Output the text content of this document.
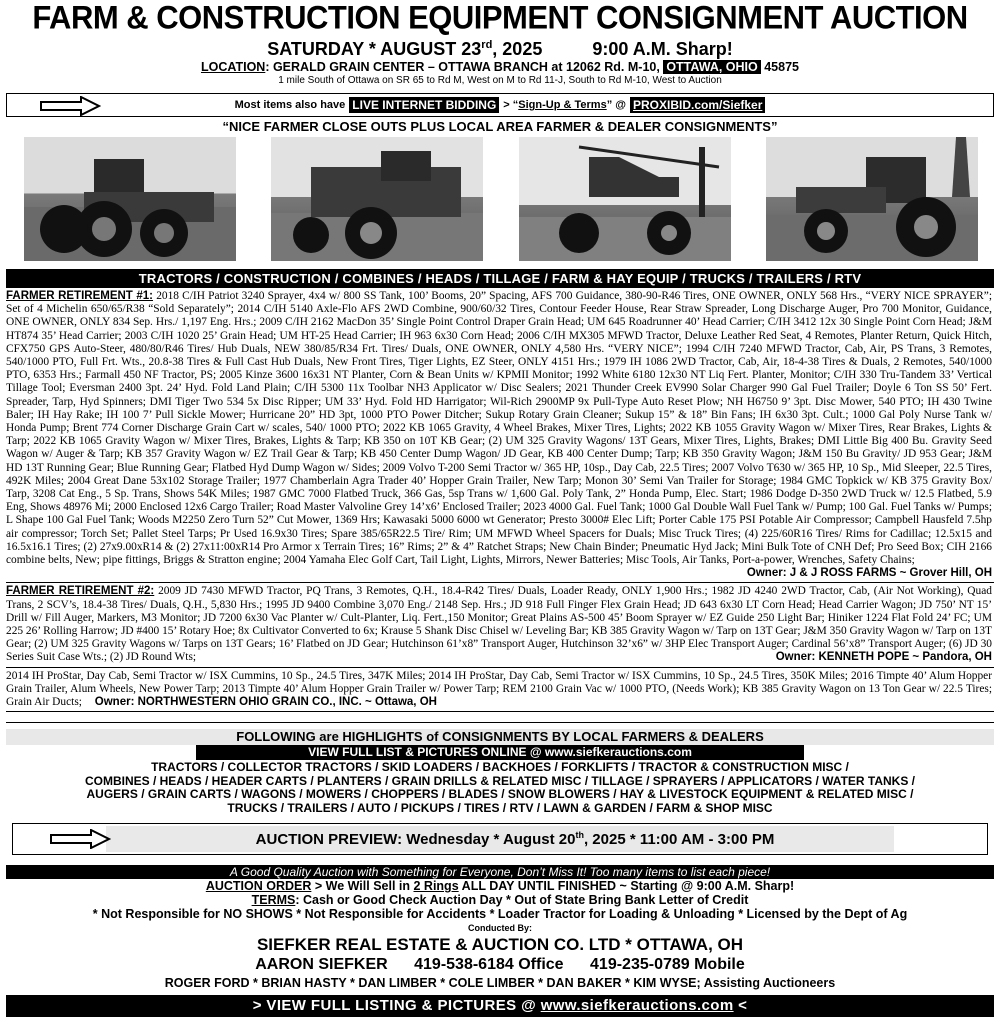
FARM & CONSTRUCTION EQUIPMENT CONSIGNMENT AUCTION
SATURDAY * AUGUST 23rd, 2025	9:00 A.M. Sharp!
LOCATION: GERALD GRAIN CENTER – OTTAWA BRANCH at 12062 Rd. M-10, OTTAWA, OHIO 45875
1 mile South of Ottawa on SR 65 to Rd M, West on M to Rd 11-J, South to Rd M-10, West to Auction
Most items also have LIVE INTERNET BIDDING > “ Sign-Up & Terms ” @ PROXIBID.com/Siefker
“NICE FARMER CLOSE OUTS PLUS LOCAL AREA FARMER & DEALER CONSIGNMENTS”
TRACTORS / CONSTRUCTION / COMBINES / HEADS / TILLAGE / FARM & HAY EQUIP / TRUCKS / TRAILERS / RTV
FARMER RETIREMENT #1: 2018 C/IH Patriot 3240 Sprayer, 4x4 w/ 800 SS Tank, 100’ Booms, 20” Spacing, AFS 700 Guidance, 380-90-R46 Tires, ONE OWNER, ONLY 568 Hrs., “VERY NICE SPRAYER”; Set of 4 Michelin 650/65/R38 “Sold Separately”; 2014 C/IH 5140 Axle-Flo AFS 2WD Combine, 900/60/32 Tires, Contour Feeder House, Rear Straw Spreader, Long Discharge Auger, Pro 700 Monitor, Guidance, ONE OWNER, ONLY 834 Sep. Hrs./ 1,197 Eng. Hrs.; 2009 C/IH 2162 MacDon 35’ Single Point Control Draper Grain Head; UM 645 Roadrunner 40’ Head Carrier; C/IH 3412 12x 30 Single Point Corn Head; J&M HT874 35’ Head Carrier; 2003 C/IH 1020 25’ Grain Head; UM HT-25 Head Carrier; IH 963 6x30 Corn Head; 2006 C/IH MX305 MFWD Tractor, Deluxe Leather Red Seat, 4 Remotes, Planter Return, Quick Hitch, CFX750 GPS Auto-Steer, 480/80/R46 Tires/ Hub Duals, NEW 380/85/R34 Frt. Tires/ Duals, ONE OWNER, ONLY 4,580 Hrs. “VERY NICE”; 1994 C/IH 7240 MFWD Tractor, Cab, Air, PS Trans, 3 Remotes, 540/1000 PTO, Full Frt. Wts., 20.8-38 Tires & Full Cast Hub Duals, New Front Tires, Tiger Lights, EZ Steer, ONLY 4151 Hrs.; 1979 IH 1086 2WD Tractor, Cab, Air, 18-4-38 Tires & Duals, 2 Remotes, 540/1000 PTO, 6353 Hrs.; Farmall 450 NF Tractor, PS; 2005 Kinze 3600 16x31 NT Planter, Corn & Bean Units w/ KPMII Monitor; 1992 White 6180 12x30 NT Liq Fert. Planter, Monitor; C/IH 330 Tru-Tandem 33’ Vertical Tillage Tool; Eversman 2400 3pt. 24’ Hyd. Fold Land Plain; C/IH 5300 11x Toolbar NH3 Applicator w/ Disc Sealers; 2021 Thunder Creek EV990 Solar Charger 990 Gal Fuel Trailer; Doyle 6 Ton SS 50’ Fert. Spreader, Tarp, Hyd Spinners; DMI Tiger Two 534 5x Disc Ripper; UM 33’ Hyd. Fold HD Harrigator; Wil-Rich 2900MP 9x Pull-Type Auto Reset Plow; NH H6750 9’ 3pt. Disc Mower, 540 PTO; IH 430 Twine Baler; IH Hay Rake; IH 100 7’ Pull Sickle Mower; Hurricane 20” HD 3pt, 1000 PTO Power Ditcher; Sukup Rotary Grain Cleaner; Sukup 15” & 18” Bin Fans; IH 6x30 3pt. Cult.; 1000 Gal Poly Nurse Tank w/ Honda Pump; Brent 774 Corner Discharge Grain Cart w/ scales, 540/ 1000 PTO; 2022 KB 1065 Gravity, 4 Wheel Brakes, Mixer Tires, Lights; 2022 KB 1055 Gravity Wagon w/ Mixer Tires, Rear Brakes, Lights & Tarp; 2022 KB 1065 Gravity Wagon w/ Mixer Tires, Brakes, Lights & Tarp; KB 350 on 10T KB Gear; (2) UM 325 Gravity Wagons/ 13T Gears, Mixer Tires, Lights, Brakes; DMI Little Big 400 Bu. Gravity Seed Wagon w/ Auger & Tarp; KB 357 Gravity Wagon w/ EZ Trail Gear & Tarp; KB 450 Center Dump Wagon/ JD Gear, KB 400 Center Dump; Tarp; KB 350 Gravity Wagon; J&M 150 Bu Gravity/ JD 953 Gear; J&M HD 13T Running Gear; Blue Running Gear; Flatbed Hyd Dump Wagon w/ Sides; 2009 Volvo T-200 Semi Tractor w/ 365 HP, 10sp., Day Cab, 22.5 Tires; 2007 Volvo T630 w/ 365 HP, 10 Sp., Mid Sleeper, 22.5 Tires, 492K Miles; 2004 Great Dane 53x102 Storage Trailer; 1977 Chamberlain Agra Trader 40’ Hopper Grain Trailer, New Tarp; Monon 30’ Semi Van Trailer for Storage; 1984 GMC Topkick w/ KB 375 Gravity Box/ Tarp, 3208 Cat Eng., 5 Sp. Trans, Shows 54K Miles; 1987 GMC 7000 Flatbed Truck, 366 Gas, 5sp Trans w/ 1,600 Gal. Poly Tank, 2” Honda Pump, Elec. Start; 1986 Dodge D-350 2WD Truck w/ 12.5 Flatbed, 5.9 Eng, Shows 48976 Mi; 2000 Enclosed 12x6 Cargo Trailer; Road Master Valvoline Grey 14’x6’ Enclosed Trailer; 2023 4000 Gal. Fuel Tank; 1000 Gal Double Wall Fuel Tank w/ Pump; 100 Gal. Fuel Tanks w/ Pumps; L Shape 100 Gal Fuel Tank; Woods M2250 Zero Turn 52” Cut Mower, 1369 Hrs; Kawasaki 5000 6000 wt Generator; Presto 3000# Elec Lift; Porter Cable 175 PSI Potable Air Compressor; Campbell Hausfeld 7.5hp air compressor; Torch Set; Pallet Steel Tarps; Pr Used 16.9x30 Tires; Spare 385/65R22.5 Tire/ Rim; UM MFWD Wheel Spacers for Duals; Misc Truck Tires; (4) 225/60R16 Tires/ Rims for Cadillac; 12.5x15 and 16.5x16.1 Tires; (2) 27x9.00xR14 & (2) 27x11:00xR14 Pro Armor x Terrain Tires; 16” Rims; 2” & 4” Ratchet Straps; New Chain Binder; Pneumatic Hyd Jack; Mini Bulk Tote of CNH Def; Pro Seed Box; CIH 2166 combine belts, New; pipe fittings, Briggs & Stratton engine; 2004 Yamaha Elec Golf Cart, Tail Light, Lights, Mirrors, Newer Batteries; Misc Tools, Air Tanks, Port-a-power, Wrenches, Safety Chains;
Owner: J & J ROSS FARMS ~ Grover Hill, OH
FARMER RETIREMENT #2: 2009 JD 7430 MFWD Tractor, PQ Trans, 3 Remotes, Q.H., 18.4-R42 Tires/ Duals, Loader Ready, ONLY 1,900 Hrs.; 1982 JD 4240 2WD Tractor, Cab, (Air Not Working), Quad Trans, 2 SCV’s, 18.4-38 Tires/ Duals, Q.H., 5,830 Hrs.; 1995 JD 9400 Combine 3,070 Eng./ 2148 Sep. Hrs.; JD 918 Full Finger Flex Grain Head; JD 643 6x30 LT Corn Head; Head Carrier Wagon; JD 750’ NT 15’ Drill w/ Fill Auger, Markers, M3 Monitor; JD 7200 6x30 Vac Planter w/ Cult-Planter, Liq. Fert.,150 Monitor; Great Plains AS-500 45’ Boom Sprayer w/ EZ Guide 250 Light Bar; Hiniker 1224 Flat Fold 24’ FC; UM 225 26’ Rolling Harrow; JD #400 15’ Rotary Hoe; 8x Cultivator Converted to 6x; Krause 5 Shank Disc Chisel w/ Leveling Bar; KB 385 Gravity Wagon w/ Tarp on 13T Gear; J&M 350 Gravity Wagon w/ Tarp on 13T Gear; (2) UM 325 Gravity Wagons w/ Tarps on 13T Gears; 16’ Flatbed on JD Gear; Hutchinson 61’x8” Transport Auger, Hutchinson 32’x6” w/ 3HP Elec Transport Auger; Cardinal 56’x8” Transport Auger; (6) JD 30 Series Suit Case Wts.; (2) JD Round Wts;	Owner: KENNETH POPE ~ Pandora, OH
2014 IH ProStar, Day Cab, Semi Tractor w/ ISX Cummins, 10 Sp., 24.5 Tires, 347K Miles; 2014 IH ProStar, Day Cab, Semi Tractor w/ ISX Cummins, 10 Sp., 24.5 Tires, 350K Miles; 2016 Timpte 40’ Alum Hopper Grain Trailer, Alum Wheels, New Power Tarp; 2013 Timpte 40’ Alum Hopper Grain Trailer w/ Power Tarp; REM 2100 Grain Vac w/ 1000 PTO, (Needs Work); KB 385 Gravity Wagon on 13 Ton Gear w/ 22.5 Tires; Grain Air Ducts; Owner: NORTHWESTERN OHIO GRAIN CO., INC. ~ Ottawa, OH
FOLLOWING are HIGHLIGHTS of CONSIGNMENTS BY LOCAL FARMERS & DEALERS
VIEW FULL LIST & PICTURES ONLINE @ www.siefkerauctions.com
TRACTORS / COLLECTOR TRACTORS / SKID LOADERS / BACKHOES / FORKLIFTS / TRACTOR & CONSTRUCTION MISC /
COMBINES / HEADS / HEADER CARTS / PLANTERS / GRAIN DRILLS & RELATED MISC / TILLAGE / SPRAYERS / APPLICATORS / WATER TANKS /
AUGERS / GRAIN CARTS / WAGONS / MOWERS / CHOPPERS / BLADES / SNOW BLOWERS / HAY & LIVESTOCK EQUIPMENT & RELATED MISC /
TRUCKS / TRAILERS / AUTO / PICKUPS / TIRES / RTV / LAWN & GARDEN / FARM & SHOP MISC
AUCTION PREVIEW: Wednesday * August 20th, 2025 * 11:00 AM - 3:00 PM
A Good Quality Auction with Something for Everyone, Don’t Miss It! Too many items to list each piece!
AUCTION ORDER > We Will Sell in 2 Rings ALL DAY UNTIL FINISHED ~ Starting @ 9:00 A.M. Sharp!
TERMS: Cash or Good Check Auction Day * Out of State Bring Bank Letter of Credit
* Not Responsible for NO SHOWS * Not Responsible for Accidents * Loader Tractor for Loading & Unloading * Licensed by the Dept of Ag
Conducted By:
SIEFKER REAL ESTATE & AUCTION CO. LTD * OTTAWA, OH
AARON SIEFKER 419-538-6184 Office 419-235-0789 Mobile
ROGER FORD * BRIAN HASTY * DAN LIMBER * COLE LIMBER * DAN BAKER * KIM WYSE; Assisting Auctioneers
> VIEW FULL LISTING & PICTURES @ www.siefkerauctions.com <
